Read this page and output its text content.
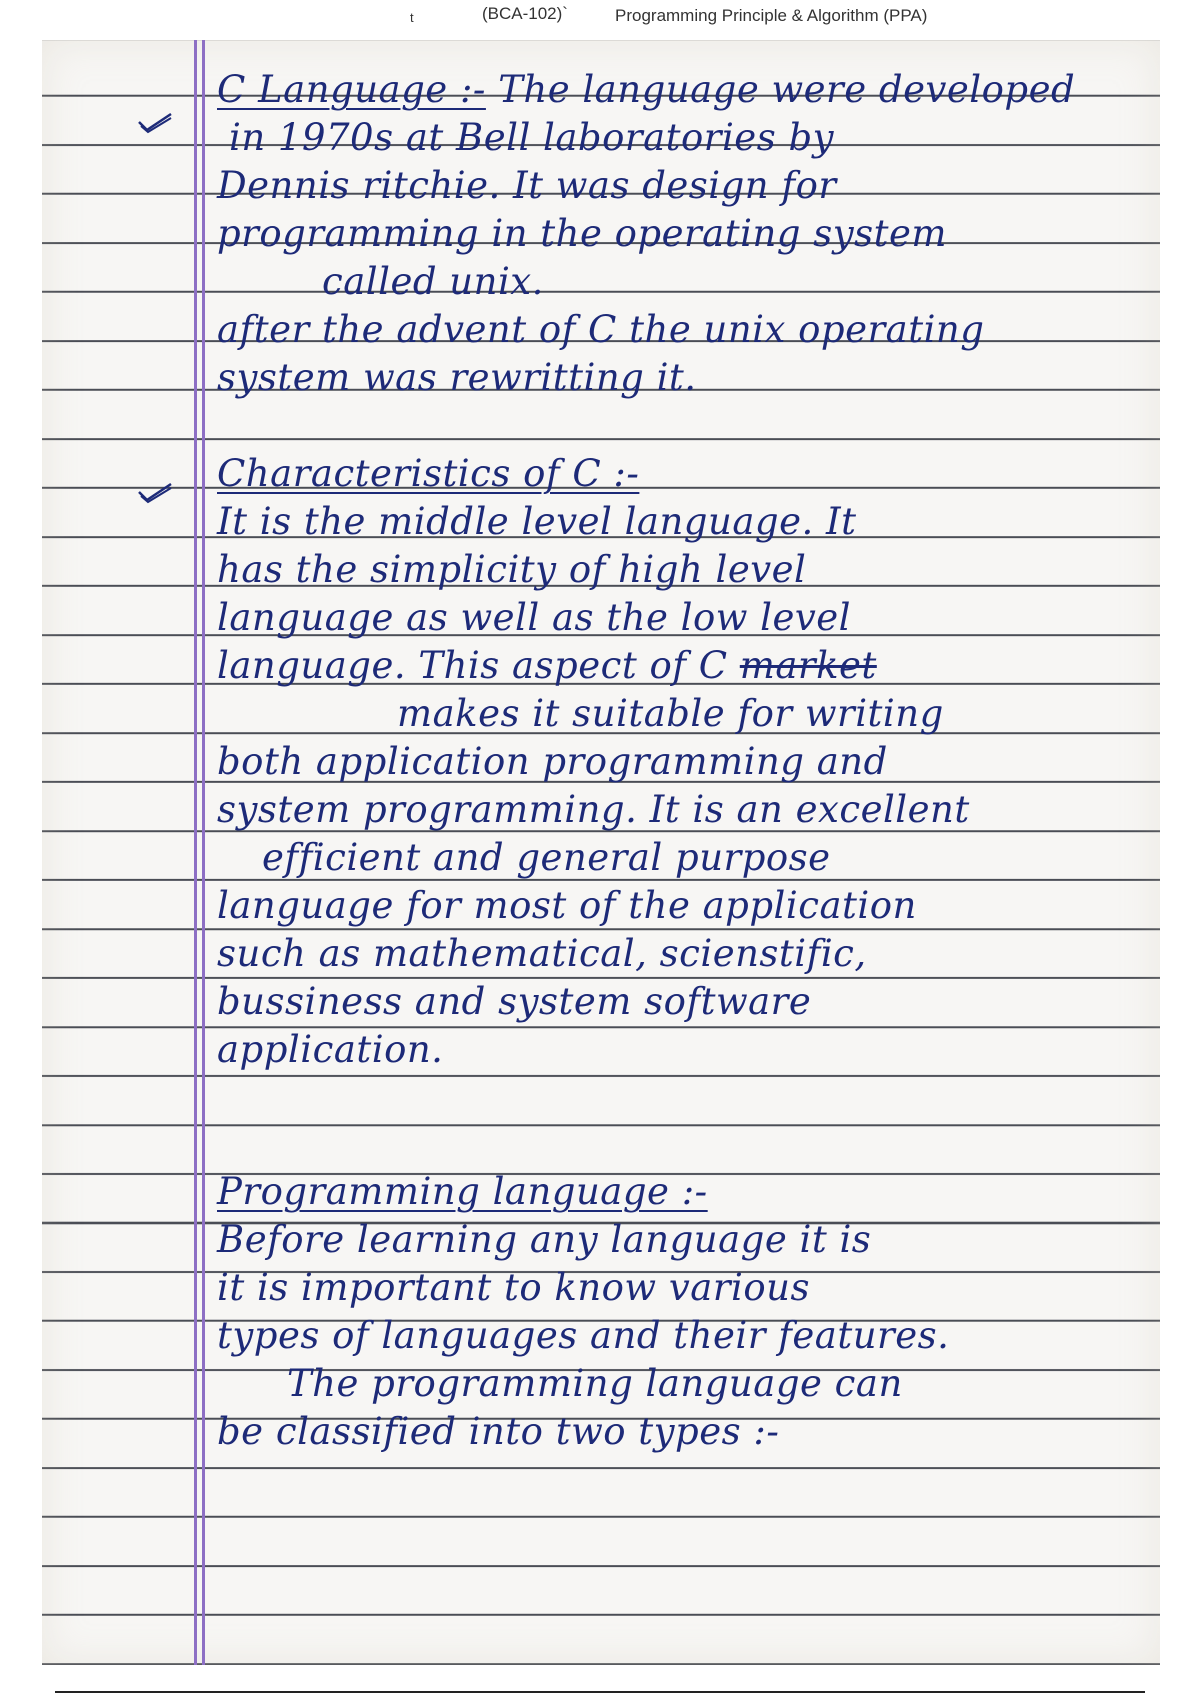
t	(BCA-102)`	Programming Principle & Algorithm (PPA)
C Language :- The language were developed
in 1970s at Bell laboratories by
Dennis ritchie. It was design for
programming in the operating system
called unix.
after the advent of C the unix operating
system was rewritting it.
Characteristics of C :-
It is the middle level language. It
has the simplicity of high level
language as well as the low level
language. This aspect of C market
makes it suitable for writing
both application programming and
system programming. It is an excellent
efficient and general purpose
language for most of the application
such as mathematical, scienstific,
bussiness and system software
application.
Programming language :-
Before learning any language it is
it is important to know various
types of languages and their features.
The programming language can
be classified into two types :-
